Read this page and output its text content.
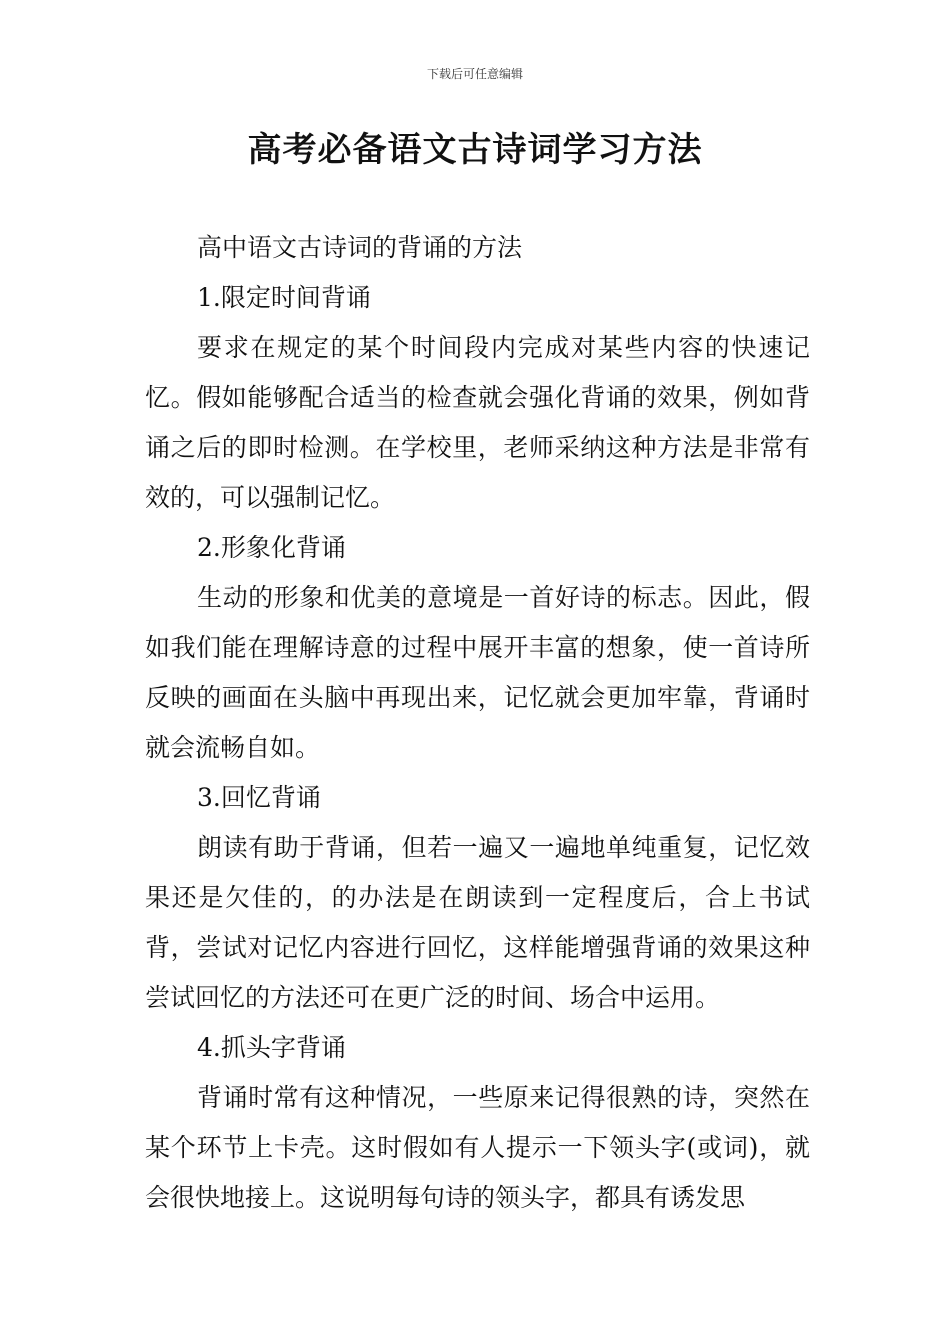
下载后可任意编辑
高考必备语文古诗词学习方法

高中语文古诗词的背诵的方法

1.限定时间背诵

要求在规定的某个时间段内完成对某些内容的快速记忆。假如能够配合适当的检查就会强化背诵的效果，例如背诵之后的即时检测。在学校里，老师采纳这种方法是非常有效的，可以强制记忆。

2.形象化背诵

生动的形象和优美的意境是一首好诗的标志。因此，假如我们能在理解诗意的过程中展开丰富的想象，使一首诗所反映的画面在头脑中再现出来，记忆就会更加牢靠，背诵时就会流畅自如。

3.回忆背诵

朗读有助于背诵，但若一遍又一遍地单纯重复，记忆效果还是欠佳的，的办法是在朗读到一定程度后，合上书试背，尝试对记忆内容进行回忆，这样能增强背诵的效果这种尝试回忆的方法还可在更广泛的时间、场合中运用。

4.抓头字背诵

背诵时常有这种情况，一些原来记得很熟的诗，突然在某个环节上卡壳。这时假如有人提示一下领头字(或词)，就会很快地接上。这说明每句诗的领头字，都具有诱发思
